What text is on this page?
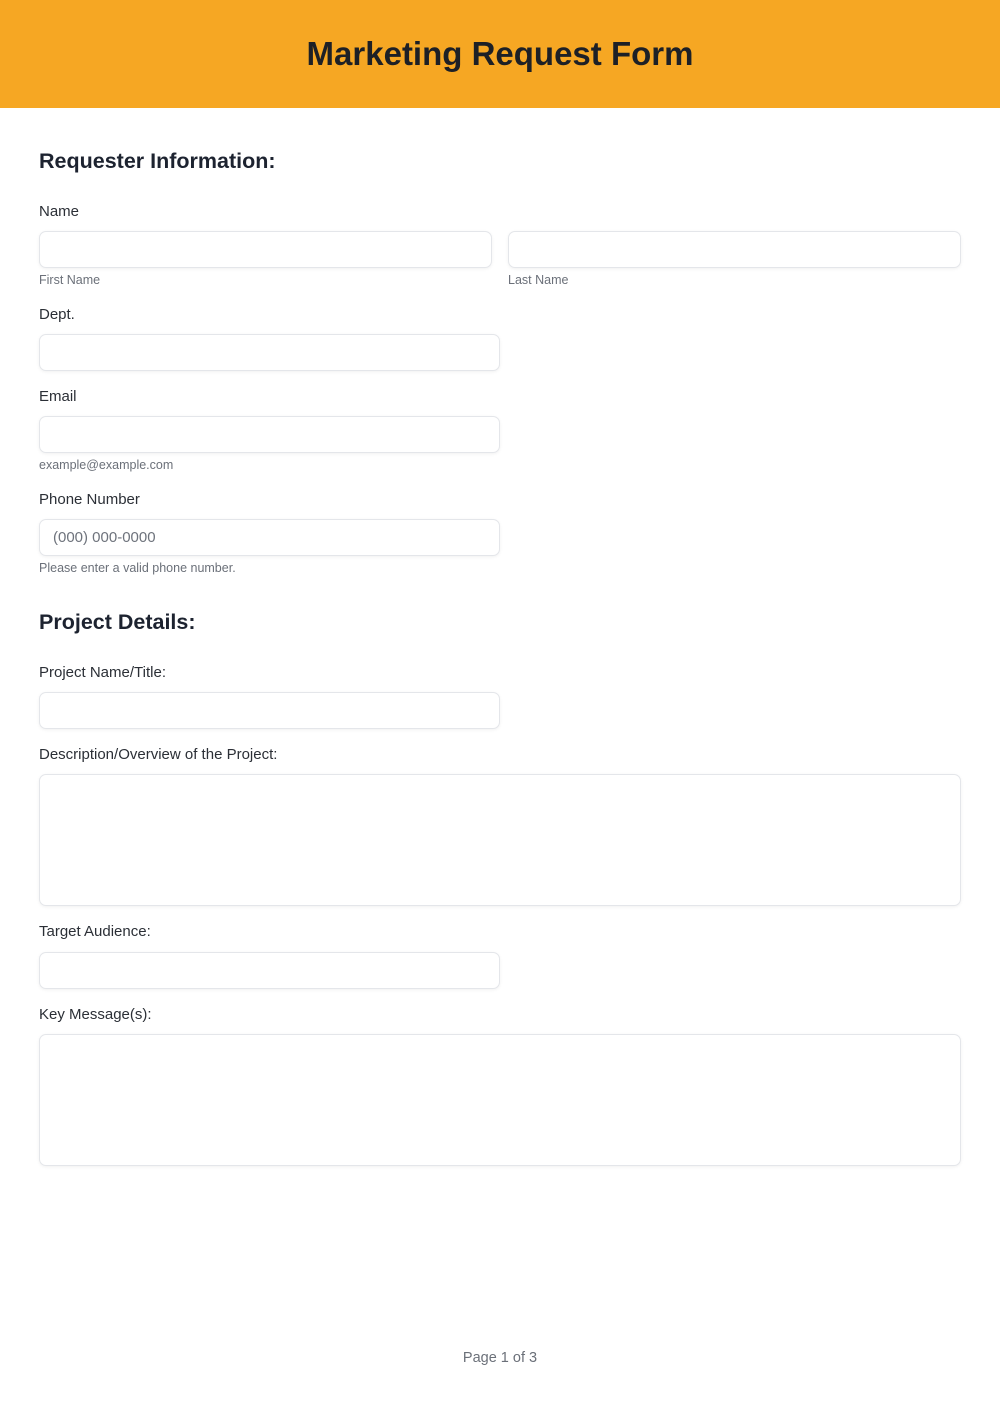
Marketing Request Form
Requester Information:
Name
First Name	Last Name
Dept.
Email
example@example.com
Phone Number
(000) 000-0000
Please enter a valid phone number.
Project Details:
Project Name/Title:
Description/Overview of the Project:
Target Audience:
Key Message(s):
Page 1 of 3
